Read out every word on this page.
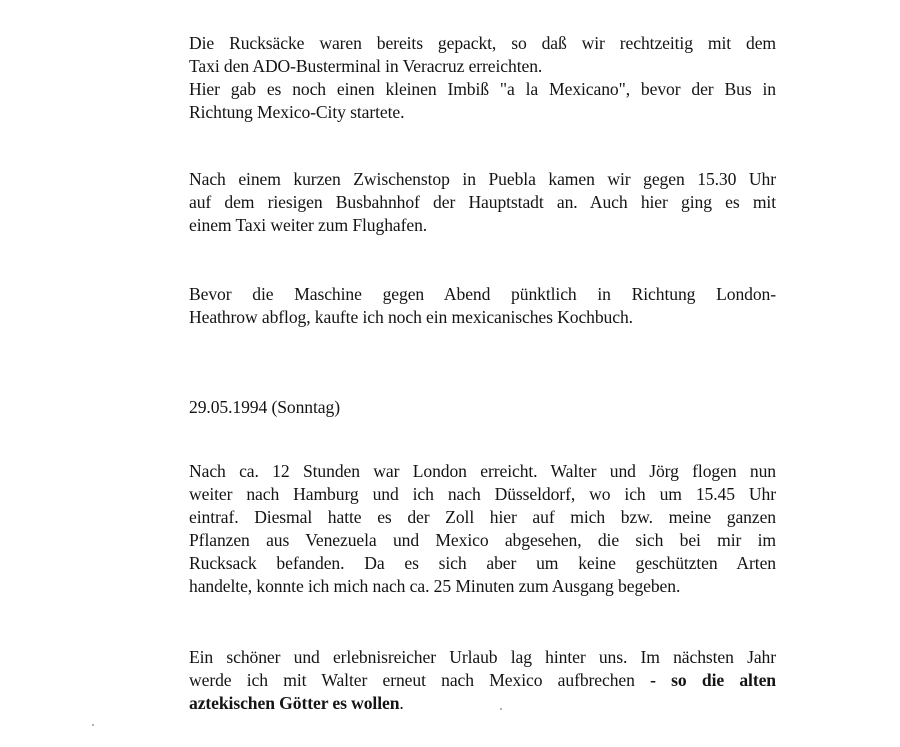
Die Rucksäcke waren bereits gepackt, so daß wir rechtzeitig mit dem
Taxi den ADO-Busterminal in Veracruz erreichten.
Hier gab es noch einen kleinen Imbiß "a la Mexicano", bevor der Bus in
Richtung Mexico-City startete.

Nach einem kurzen Zwischenstop in Puebla kamen wir gegen 15.30 Uhr
auf dem riesigen Busbahnhof der Hauptstadt an. Auch hier ging es mit
einem Taxi weiter zum Flughafen.

Bevor die Maschine gegen Abend pünktlich in Richtung London-
Heathrow abflog, kaufte ich noch ein mexicanisches Kochbuch.

29.05.1994 (Sonntag)

Nach ca. 12 Stunden war London erreicht. Walter und Jörg flogen nun
weiter nach Hamburg und ich nach Düsseldorf, wo ich um 15.45 Uhr
eintraf. Diesmal hatte es der Zoll hier auf mich bzw. meine ganzen
Pflanzen aus Venezuela und Mexico abgesehen, die sich bei mir im
Rucksack befanden. Da es sich aber um keine geschützten Arten
handelte, konnte ich mich nach ca. 25 Minuten zum Ausgang begeben.

Ein schöner und erlebnisreicher Urlaub lag hinter uns. Im nächsten Jahr
werde ich mit Walter erneut nach Mexico aufbrechen - so die alten
aztekischen Götter es wollen.
